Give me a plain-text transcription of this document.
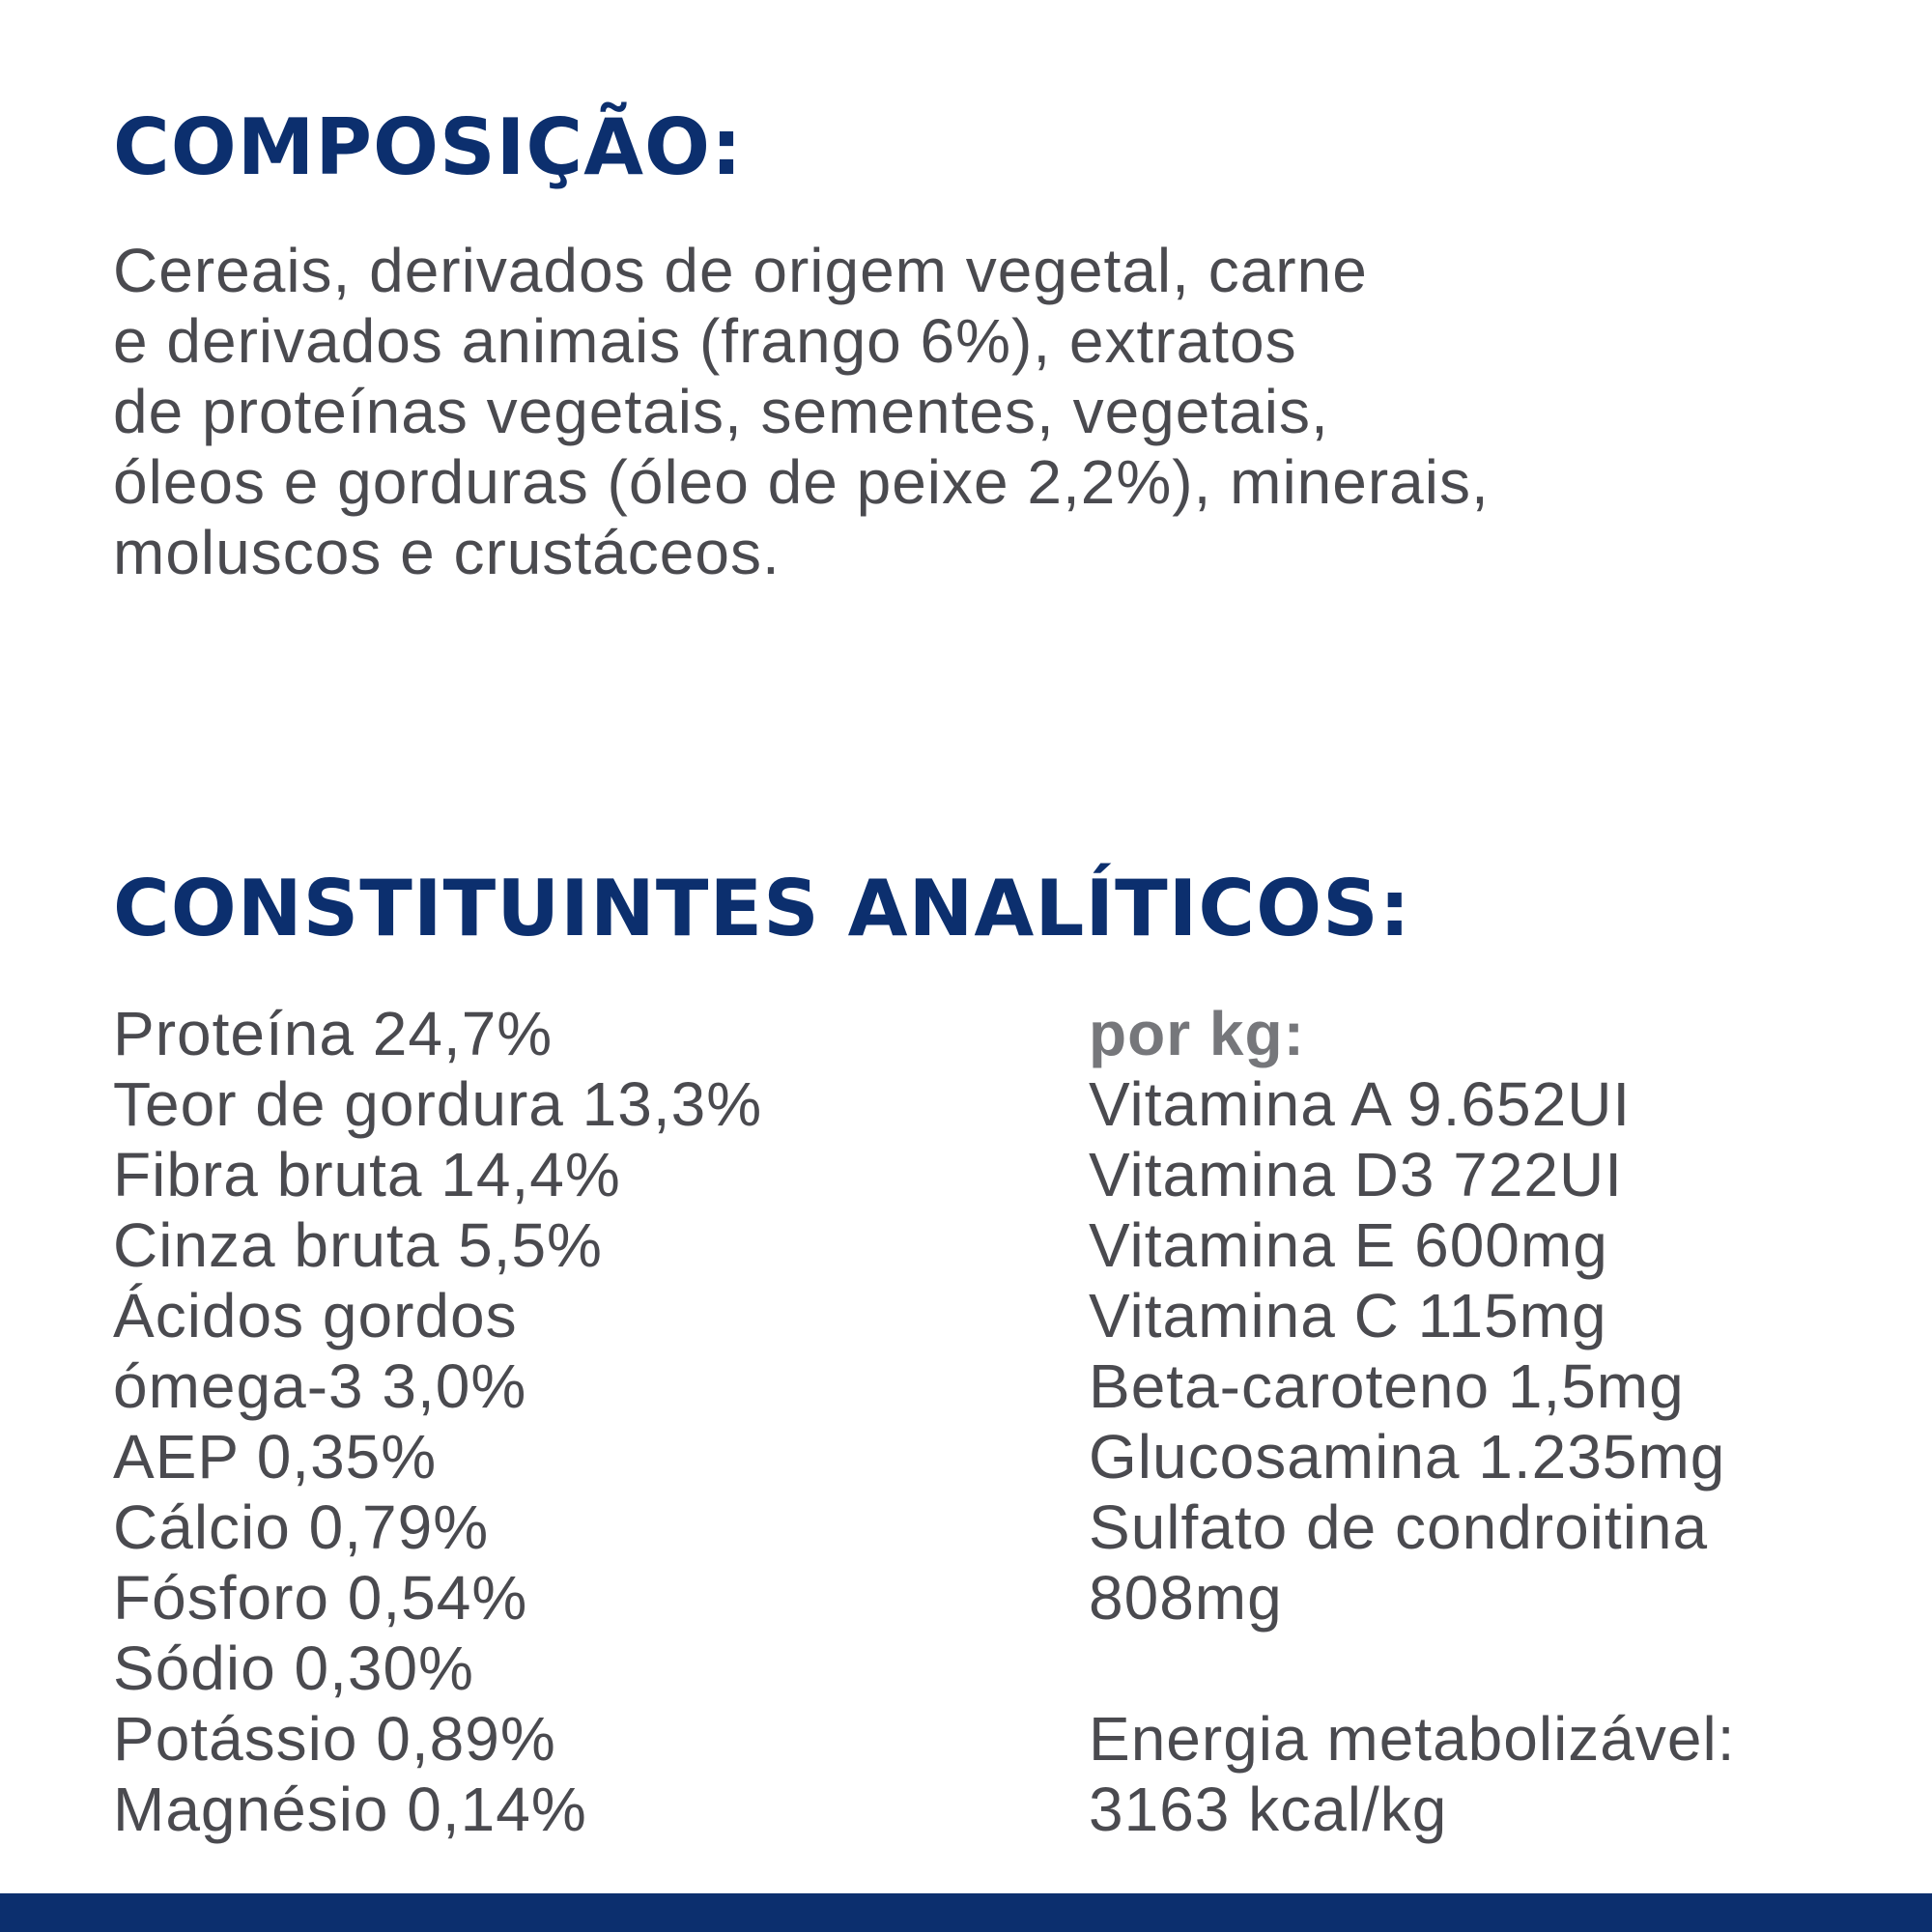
COMPOSIÇÃO:

Cereais, derivados de origem vegetal, carne
e derivados animais (frango 6%), extratos
de proteínas vegetais, sementes, vegetais,
óleos e gorduras (óleo de peixe 2,2%), minerais,
moluscos e crustáceos.

CONSTITUINTES ANALÍTICOS:
Proteína 24,7%
Teor de gordura 13,3%
Fibra bruta 14,4%
Cinza bruta 5,5%
Ácidos gordos
ómega-3 3,0%
AEP 0,35%
Cálcio 0,79%
Fósforo 0,54%
Sódio 0,30%
Potássio 0,89%
Magnésio 0,14%
por kg:
Vitamina A 9.652UI
Vitamina D3 722UI
Vitamina E 600mg
Vitamina C 115mg
Beta-caroteno 1,5mg
Glucosamina 1.235mg
Sulfato de condroitina
808mg
Energia metabolizável:
3163 kcal/kg
